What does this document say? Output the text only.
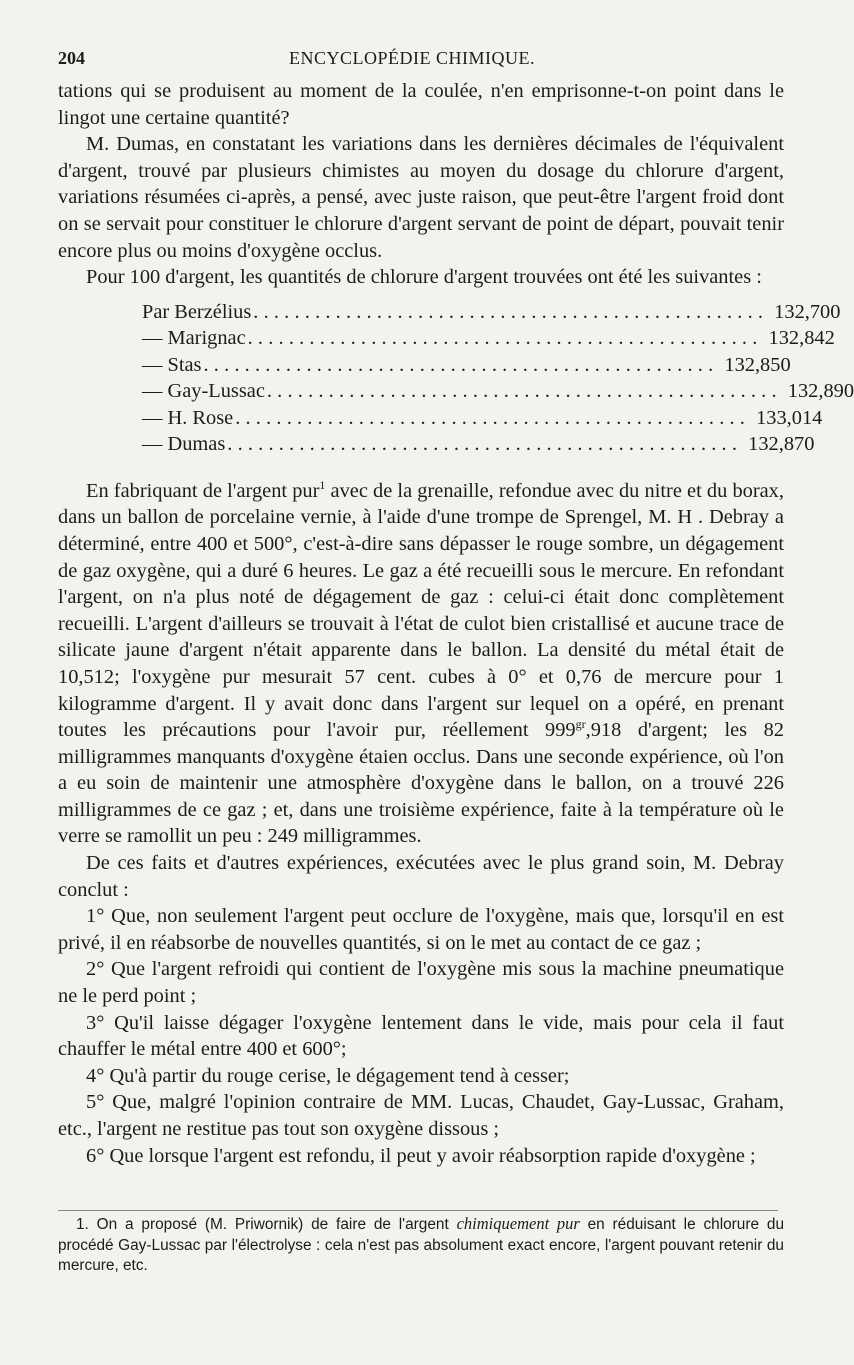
204	ENCYCLOPÉDIE CHIMIQUE.

tations qui se produisent au moment de la coulée, n'en emprisonne-t-on point dans le lingot une certaine quantité?

M. Dumas, en constatant les variations dans les dernières décimales de l'équivalent d'argent, trouvé par plusieurs chimistes au moyen du dosage du chlorure d'argent, variations résumées ci-après, a pensé, avec juste raison, que peut-être l'argent froid dont on se servait pour constituer le chlorure d'argent servant de point de départ, pouvait tenir encore plus ou moins d'oxygène occlus.

Pour 100 d'argent, les quantités de chlorure d'argent trouvées ont été les suivantes :

Par Berzélius .................................................. 132,700
— Marignac .................................................. 132,842
— Stas .................................................. 132,850
— Gay-Lussac .................................................. 132,890
— H. Rose .................................................. 133,014
— Dumas .................................................. 132,870

En fabriquant de l'argent pur$^1$ avec de la grenaille, refondue avec du nitre et du borax, dans un ballon de porcelaine vernie, à l'aide d'une trompe de Sprengel, M. H . Debray a déterminé, entre 400 et 500°, c'est-à-dire sans dépasser le rouge sombre, un dégagement de gaz oxygène, qui a duré 6 heures. Le gaz a été recueilli sous le mercure. En refondant l'argent, on n'a plus noté de dégagement de gaz : celui-ci était donc complètement recueilli. L'argent d'ailleurs se trouvait à l'état de culot bien cristallisé et aucune trace de silicate jaune d'argent n'était apparente dans le ballon. La densité du métal était de 10,512; l'oxygène pur mesurait 57 cent. cubes à 0° et 0,76 de mercure pour 1 kilogramme d'argent. Il y avait donc dans l'argent sur lequel on a opéré, en prenant toutes les précautions pour l'avoir pur, réellement $999^{gr},918$ d'argent; les 82 milligrammes manquants d'oxygène étaien occlus. Dans une seconde expérience, où l'on a eu soin de maintenir une atmosphère d'oxygène dans le ballon, on a trouvé 226 milligrammes de ce gaz ; et, dans une troisième expérience, faite à la température où le verre se ramollit un peu : 249 milligrammes.

De ces faits et d'autres expériences, exécutées avec le plus grand soin, M. Debray conclut :

1° Que, non seulement l'argent peut occlure de l'oxygène, mais que, lorsqu'il en est privé, il en réabsorbe de nouvelles quantités, si on le met au contact de ce gaz ;

2° Que l'argent refroidi qui contient de l'oxygène mis sous la machine pneumatique ne le perd point ;

3° Qu'il laisse dégager l'oxygène lentement dans le vide, mais pour cela il faut chauffer le métal entre 400 et 600°;

4° Qu'à partir du rouge cerise, le dégagement tend à cesser;

5° Que, malgré l'opinion contraire de MM. Lucas, Chaudet, Gay-Lussac, Graham, etc., l'argent ne restitue pas tout son oxygène dissous ;

6° Que lorsque l'argent est refondu, il peut y avoir réabsorption rapide d'oxygène ;

1. On a proposé (M. Priwornik) de faire de l'argent chimiquement pur en réduisant le chlorure du procédé Gay-Lussac par l'électrolyse : cela n'est pas absolument exact encore, l'argent pouvant retenir du mercure, etc.
